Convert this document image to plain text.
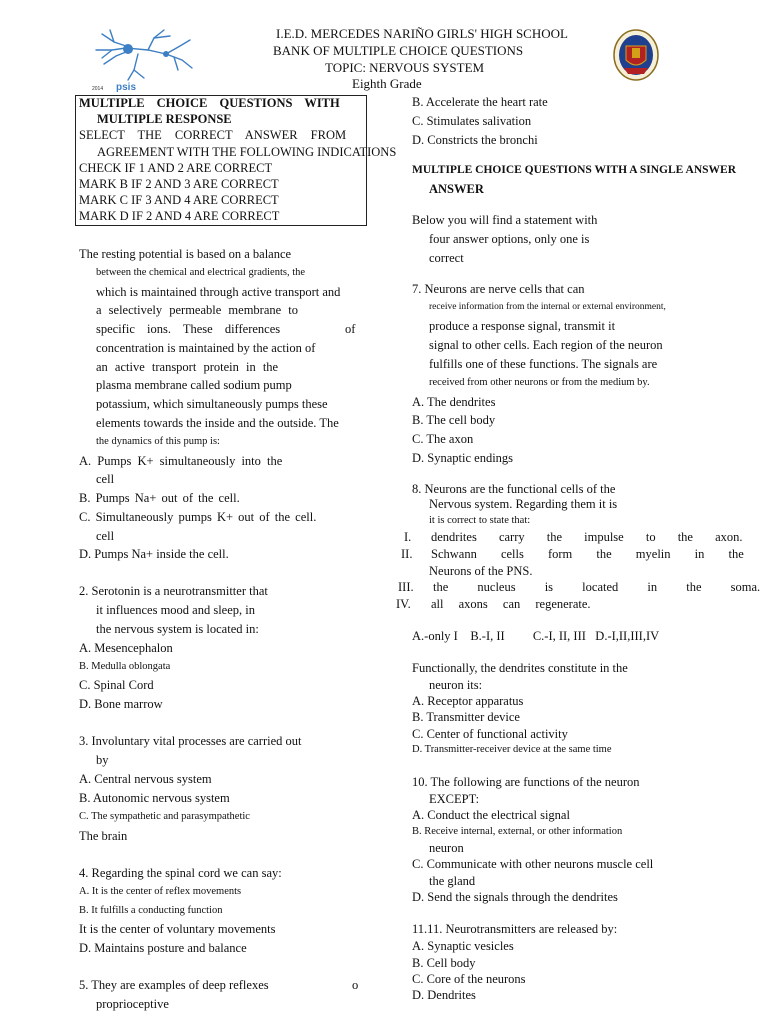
2014 psis
I.E.D. MERCEDES NARIÑO GIRLS' HIGH SCHOOL
BANK OF MULTIPLE CHOICE QUESTIONS
TOPIC: NERVOUS SYSTEM
Eighth Grade
MULTIPLE CHOICE QUESTIONS WITH
MULTIPLE RESPONSE
SELECT THE CORRECT ANSWER FROM
AGREEMENT WITH THE FOLLOWING INDICATIONS
CHECK IF 1 AND 2 ARE CORRECT
MARK B IF 2 AND 3 ARE CORRECT
MARK C IF 3 AND 4 ARE CORRECT
MARK D IF 2 AND 4 ARE CORRECT
The resting potential is based on a balance
between the chemical and electrical gradients, the
which is maintained through active transport and
a selectively permeable membrane to
specific ions. These differences	of
concentration is maintained by the action of
an active transport protein in the
plasma membrane called sodium pump
potassium, which simultaneously pumps these
elements towards the inside and the outside. The
the dynamics of this pump is:
A. Pumps K+ simultaneously into the
cell
B. Pumps Na+ out of the cell.
C. Simultaneously pumps K+ out of the cell.
cell
D. Pumps Na+ inside the cell.
2. Serotonin is a neurotransmitter that
it influences mood and sleep, in
the nervous system is located in:
A. Mesencephalon
B. Medulla oblongata
C. Spinal Cord
D. Bone marrow
3. Involuntary vital processes are carried out
by
A. Central nervous system
B. Autonomic nervous system
C. The sympathetic and parasympathetic
The brain
4. Regarding the spinal cord we can say:
A. It is the center of reflex movements
B. It fulfills a conducting function
It is the center of voluntary movements
D. Maintains posture and balance
5. They are examples of deep reflexes	o
proprioceptive
B. Accelerate the heart rate
C. Stimulates salivation
D. Constricts the bronchi
MULTIPLE CHOICE QUESTIONS WITH A SINGLE ANSWER
ANSWER
Below you will find a statement with
four answer options, only one is
correct
7. Neurons are nerve cells that can
receive information from the internal or external environment,
produce a response signal, transmit it
signal to other cells. Each region of the neuron
fulfills one of these functions. The signals are
received from other neurons or from the medium by.
A. The dendrites
B. The cell body
C. The axon
D. Synaptic endings
8. Neurons are the functional cells of the
Nervous system. Regarding them it is
it is correct to state that:
I. dendrites carry the impulse to the axon.
II. Schwann cells form the myelin in the
Neurons of the PNS.
III. the nucleus is located in the soma.
IV. all axons can regenerate.
A.-only I    B.-I, II         C.-I, II, III   D.-I,II,III,IV
Functionally, the dendrites constitute in the
neuron its:
A. Receptor apparatus
B. Transmitter device
C. Center of functional activity
D. Transmitter-receiver device at the same time
10. The following are functions of the neuron
EXCEPT:
A. Conduct the electrical signal
B. Receive internal, external, or other information
neuron
C. Communicate with other neurons muscle cell
the gland
D. Send the signals through the dendrites
11.11. Neurotransmitters are released by:
A. Synaptic vesicles
B. Cell body
C. Core of the neurons
D. Dendrites
